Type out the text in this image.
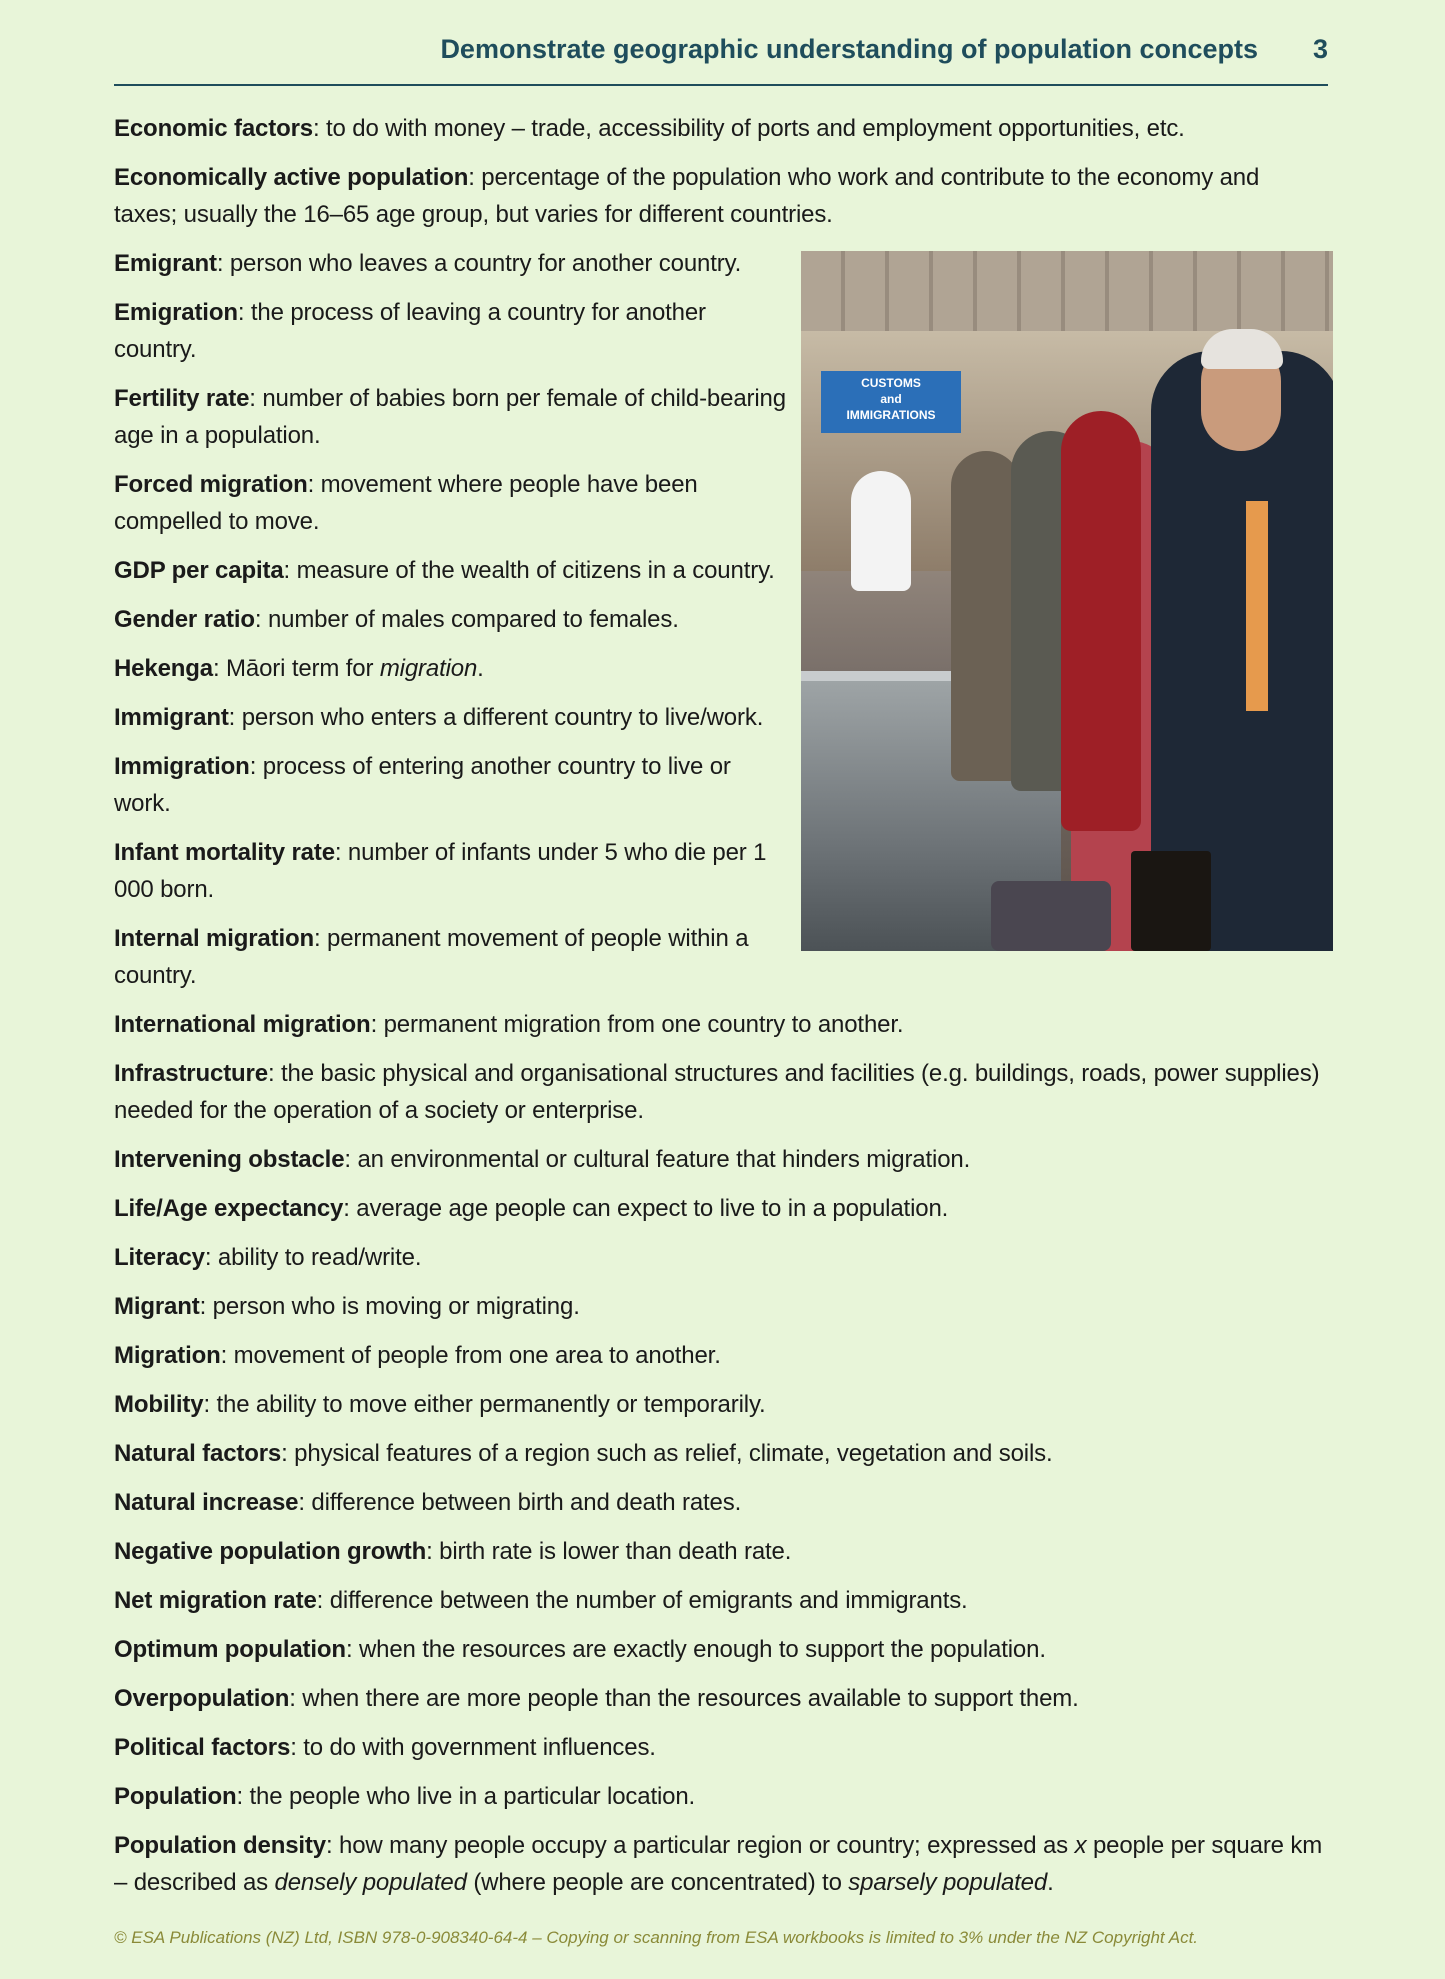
Demonstrate geographic understanding of population concepts 3

Economic factors: to do with money – trade, accessibility of ports and employment opportunities, etc.

Economically active population: percentage of the population who work and contribute to the economy and taxes; usually the 16–65 age group, but varies for different countries.

CUSTOMS
and
IMMIGRATIONS

Emigrant: person who leaves a country for another country.

Emigration: the process of leaving a country for another country.

Fertility rate: number of babies born per female of child-bearing age in a population.

Forced migration: movement where people have been compelled to move.

GDP per capita: measure of the wealth of citizens in a country.

Gender ratio: number of males compared to females.

Hekenga: Māori term for migration.

Immigrant: person who enters a different country to live/work.

Immigration: process of entering another country to live or work.

Infant mortality rate: number of infants under 5 who die per 1 000 born.

Internal migration: permanent movement of people within a country.

International migration: permanent migration from one country to another.

Infrastructure: the basic physical and organisational structures and facilities (e.g. buildings, roads, power supplies) needed for the operation of a society or enterprise.

Intervening obstacle: an environmental or cultural feature that hinders migration.

Life/Age expectancy: average age people can expect to live to in a population.

Literacy: ability to read/write.

Migrant: person who is moving or migrating.

Migration: movement of people from one area to another.

Mobility: the ability to move either permanently or temporarily.

Natural factors: physical features of a region such as relief, climate, vegetation and soils.

Natural increase: difference between birth and death rates.

Negative population growth: birth rate is lower than death rate.

Net migration rate: difference between the number of emigrants and immigrants.

Optimum population: when the resources are exactly enough to support the population.

Overpopulation: when there are more people than the resources available to support them.

Political factors: to do with government influences.

Population: the people who live in a particular location.

Population density: how many people occupy a particular region or country; expressed as x people per square km – described as densely populated (where people are concentrated) to sparsely populated.

© ESA Publications (NZ) Ltd, ISBN 978-0-908340-64-4 – Copying or scanning from ESA workbooks is limited to 3% under the NZ Copyright Act.
